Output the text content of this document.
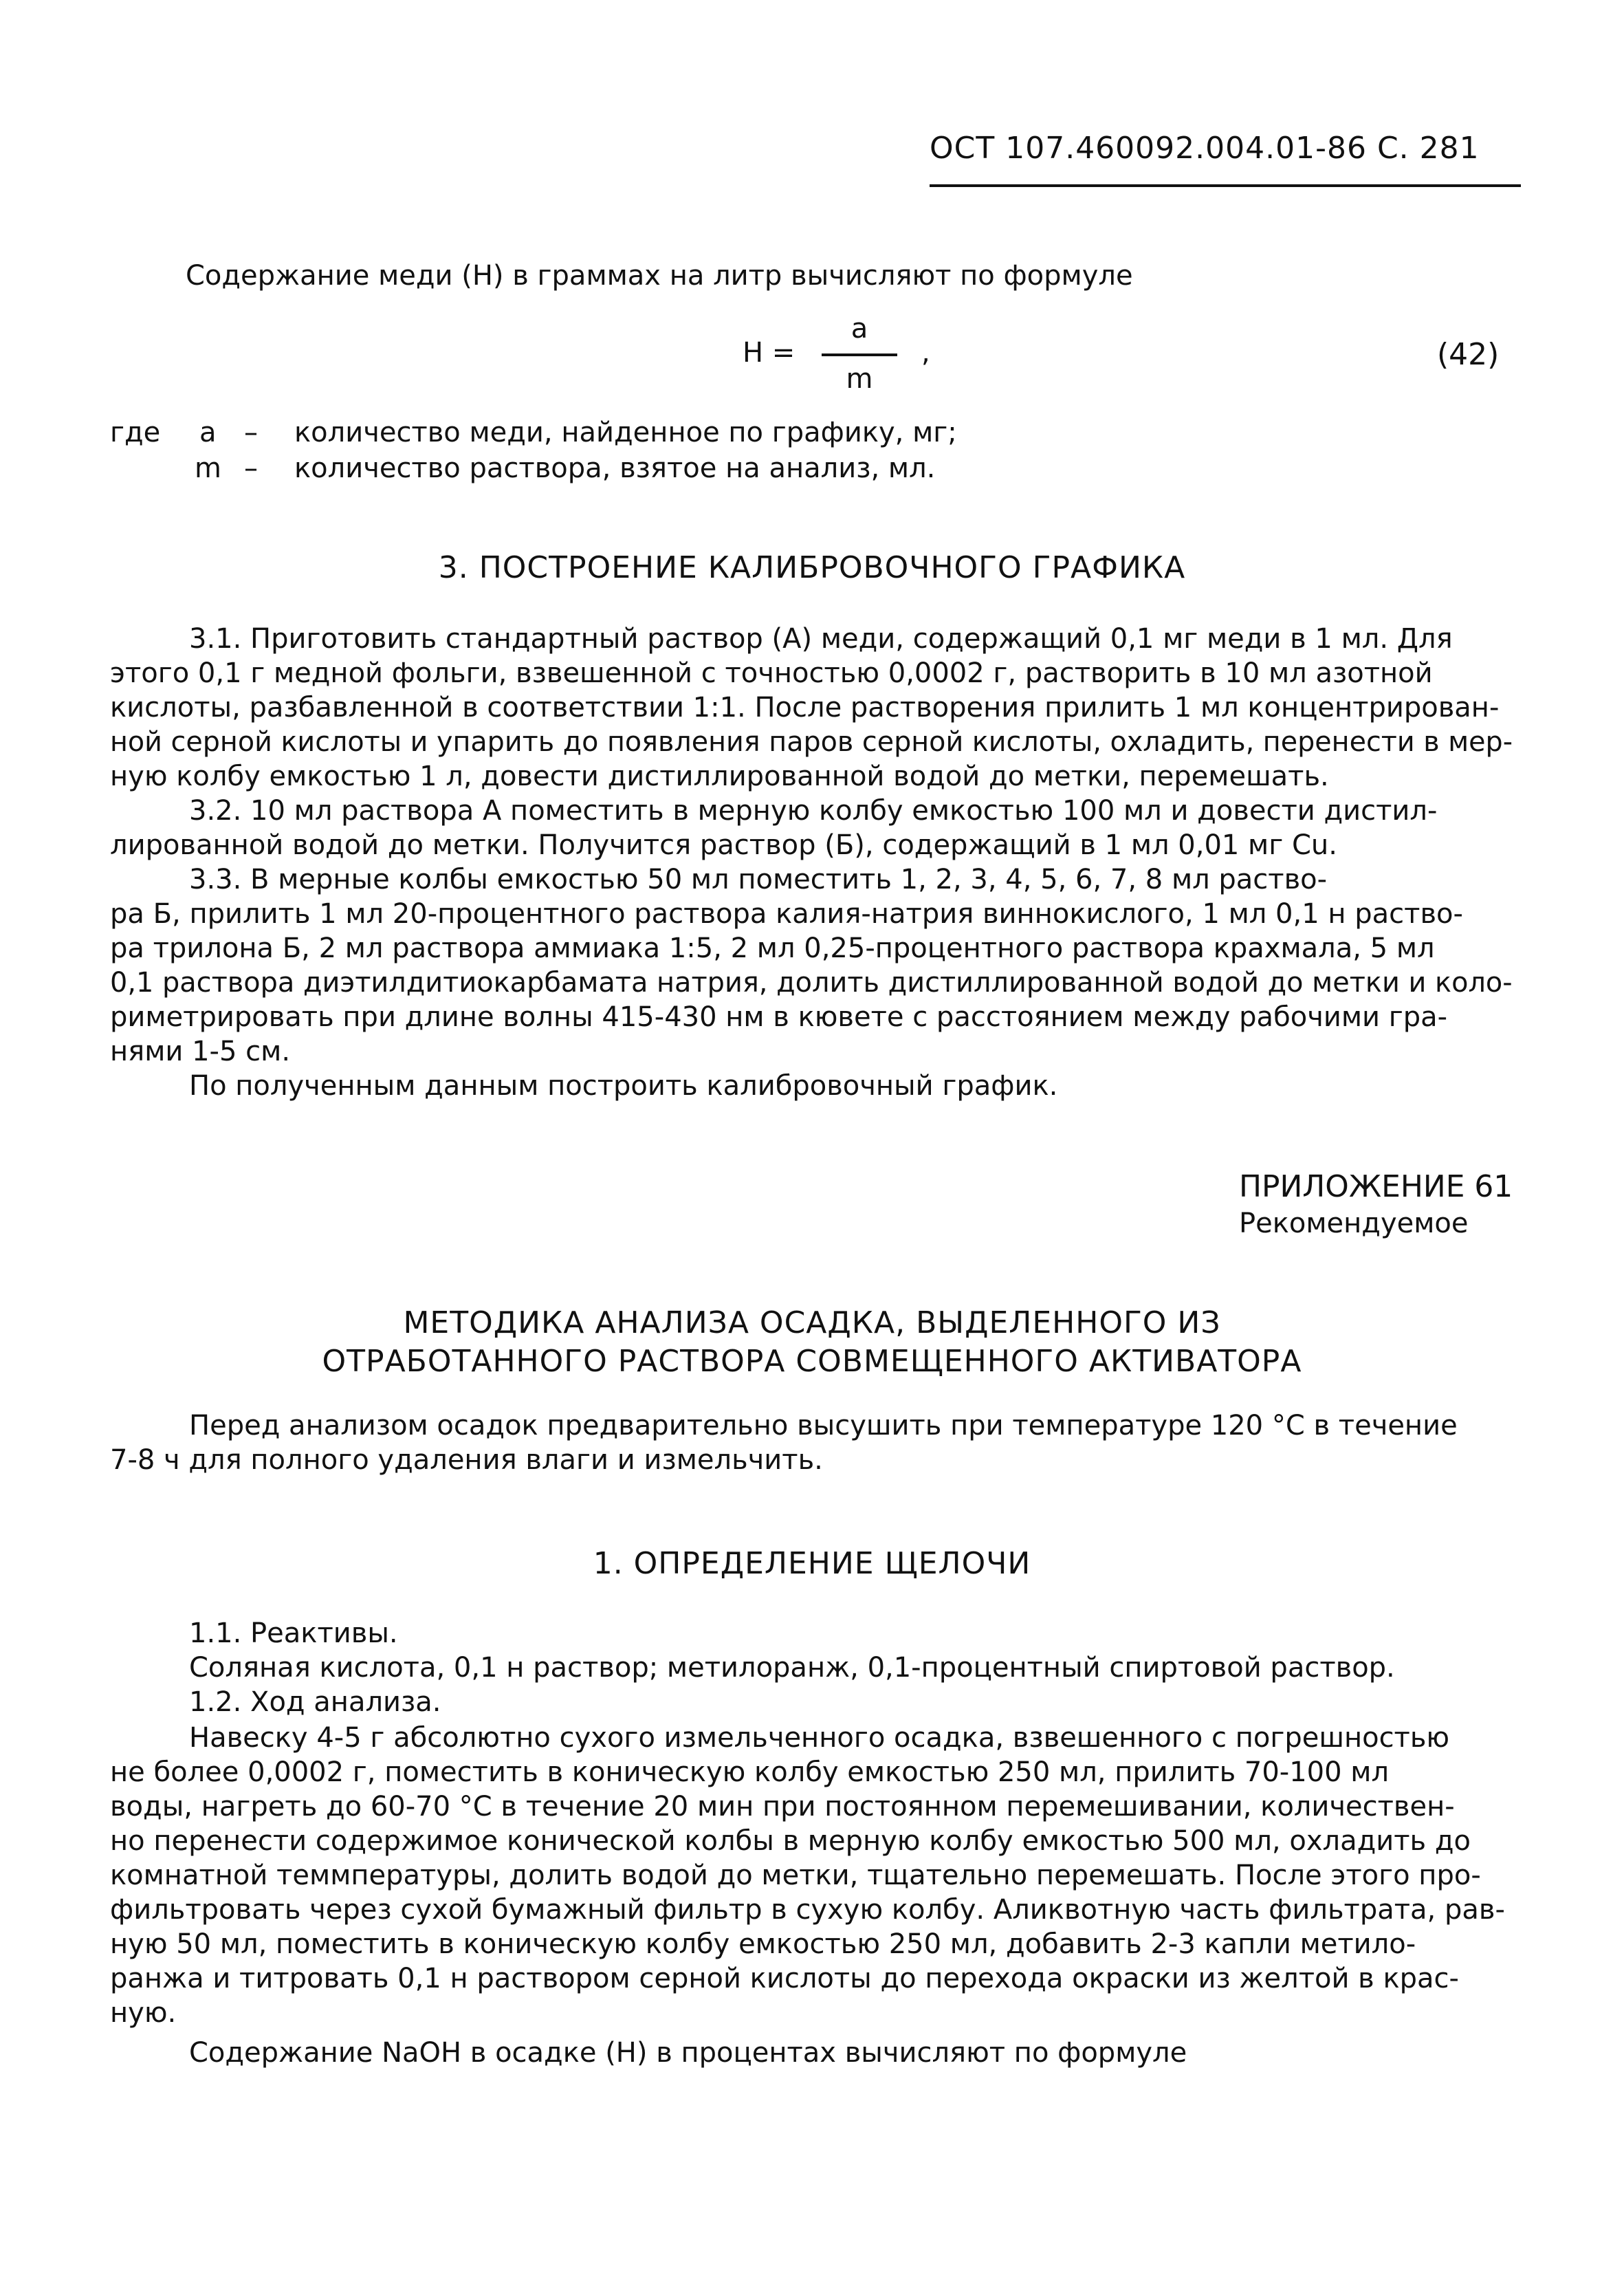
ОСТ 107.460092.004.01-86 С. 281
Содержание меди (Н) в граммах на литр вычисляют по формуле
Н =
а
m
,	(42)
где а – количество меди, найденное по графику, мг;
m – количество раствора, взятое на анализ, мл.
3. ПОСТРОЕНИЕ КАЛИБРОВОЧНОГО ГРАФИКА

3.1. Приготовить стандартный раствор (А) меди, содержащий 0,1 мг меди в 1 мл. Для

этого 0,1 г медной фольги, взвешенной с точностью 0,0002 г, растворить в 10 мл азотной

кислоты, разбавленной в соответствии 1:1. После растворения прилить 1 мл концентрирован-

ной серной кислоты и упарить до появления паров серной кислоты, охладить, перенести в мер-

ную колбу емкостью 1 л, довести дистиллированной водой до метки, перемешать.

3.2. 10 мл раствора А поместить в мерную колбу емкостью 100 мл и довести дистил-

лированной водой до метки. Получится раствор (Б), содержащий в 1 мл 0,01 мг Cu.

3.3. В мерные колбы емкостью 50 мл поместить 1, 2, 3, 4, 5, 6, 7, 8 мл раство-

ра Б, прилить 1 мл 20-процентного раствора калия-натрия виннокислого, 1 мл 0,1 н раство-

ра трилона Б, 2 мл раствора аммиака 1:5, 2 мл 0,25-процентного раствора крахмала, 5 мл

0,1 раствора диэтилдитиокарбамата натрия, долить дистиллированной водой до метки и коло-

риметрировать при длине волны 415-430 нм в кювете с расстоянием между рабочими гра-

нями 1-5 см.

По полученным данным построить калибровочный график.

ПРИЛОЖЕНИЕ 61
Рекомендуемое
МЕТОДИКА АНАЛИЗА ОСАДКА, ВЫДЕЛЕННОГО ИЗ
ОТРАБОТАННОГО РАСТВОРА СОВМЕЩЕННОГО АКТИВАТОРА
Перед анализом осадок предварительно высушить при температуре 120 °С в течение
7-8 ч для полного удаления влаги и измельчить.
1. ОПРЕДЕЛЕНИЕ ЩЕЛОЧИ

1.1. Реактивы.

Соляная кислота, 0,1 н раствор; метилоранж, 0,1-процентный спиртовой раствор.

1.2. Ход анализа.

Навеску 4-5 г абсолютно сухого измельченного осадка, взвешенного с погрешностью

не более 0,0002 г, поместить в коническую колбу емкостью 250 мл, прилить 70-100 мл

воды, нагреть до 60-70 °С в течение 20 мин при постоянном перемешивании, количествен-

но перенести содержимое конической колбы в мерную колбу емкостью 500 мл, охладить до

комнатной теммпературы, долить водой до метки, тщательно перемешать. После этого про-

фильтровать через сухой бумажный фильтр в сухую колбу. Аликвотную часть фильтрата, рав-

ную 50 мл, поместить в коническую колбу емкостью 250 мл, добавить 2-3 капли метило-

ранжа и титровать 0,1 н раствором серной кислоты до перехода окраски из желтой в крас-

ную.

Содержание NaOH в осадке (Н) в процентах вычисляют по формуле
